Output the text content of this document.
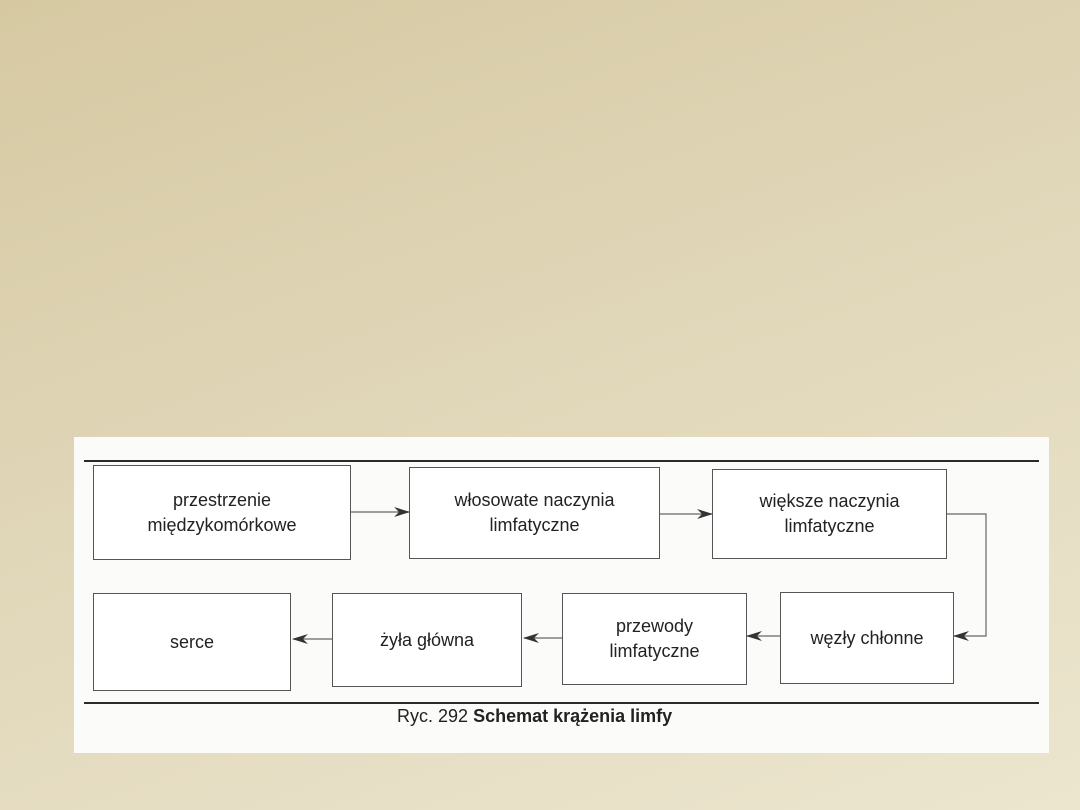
przestrzenie
międzykomórkowe
włosowate naczynia
limfatyczne
większe naczynia
limfatyczne
serce	żyła główna
przewody
limfatyczne
węzły chłonne
Ryc. 292 Schemat krążenia limfy
